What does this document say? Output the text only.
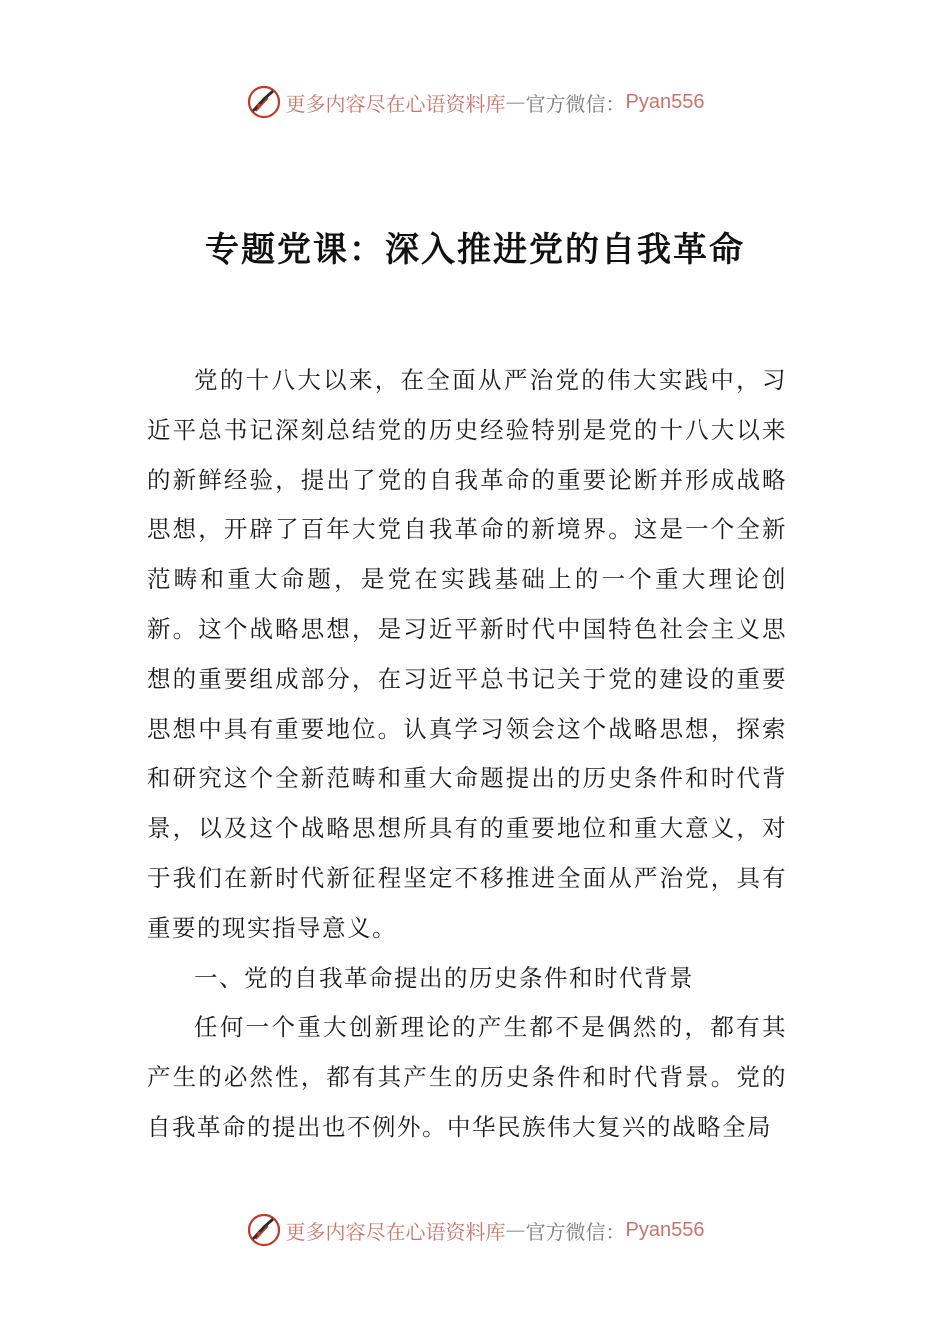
更多内容尽在心语资料库 — 官方微信： Pyan556
专题党课：深入推进党的自我革命

党的十八大以来，在全面从严治党的伟大实践中，习近平总书记深刻总结党的历史经验特别是党的十八大以来的新鲜经验，提出了党的自我革命的重要论断并形成战略思想，开辟了百年大党自我革命的新境界。这是一个全新范畴和重大命题，是党在实践基础上的一个重大理论创新。这个战略思想，是习近平新时代中国特色社会主义思想的重要组成部分，在习近平总书记关于党的建设的重要思想中具有重要地位。认真学习领会这个战略思想，探索和研究这个全新范畴和重大命题提出的历史条件和时代背景，以及这个战略思想所具有的重要地位和重大意义，对于我们在新时代新征程坚定不移推进全面从严治党，具有重要的现实指导意义。

一、党的自我革命提出的历史条件和时代背景

任何一个重大创新理论的产生都不是偶然的，都有其产生的必然性，都有其产生的历史条件和时代背景。党的自我革命的提出也不例外。中华民族伟大复兴的战略全局

更多内容尽在心语资料库 — 官方微信： Pyan556
